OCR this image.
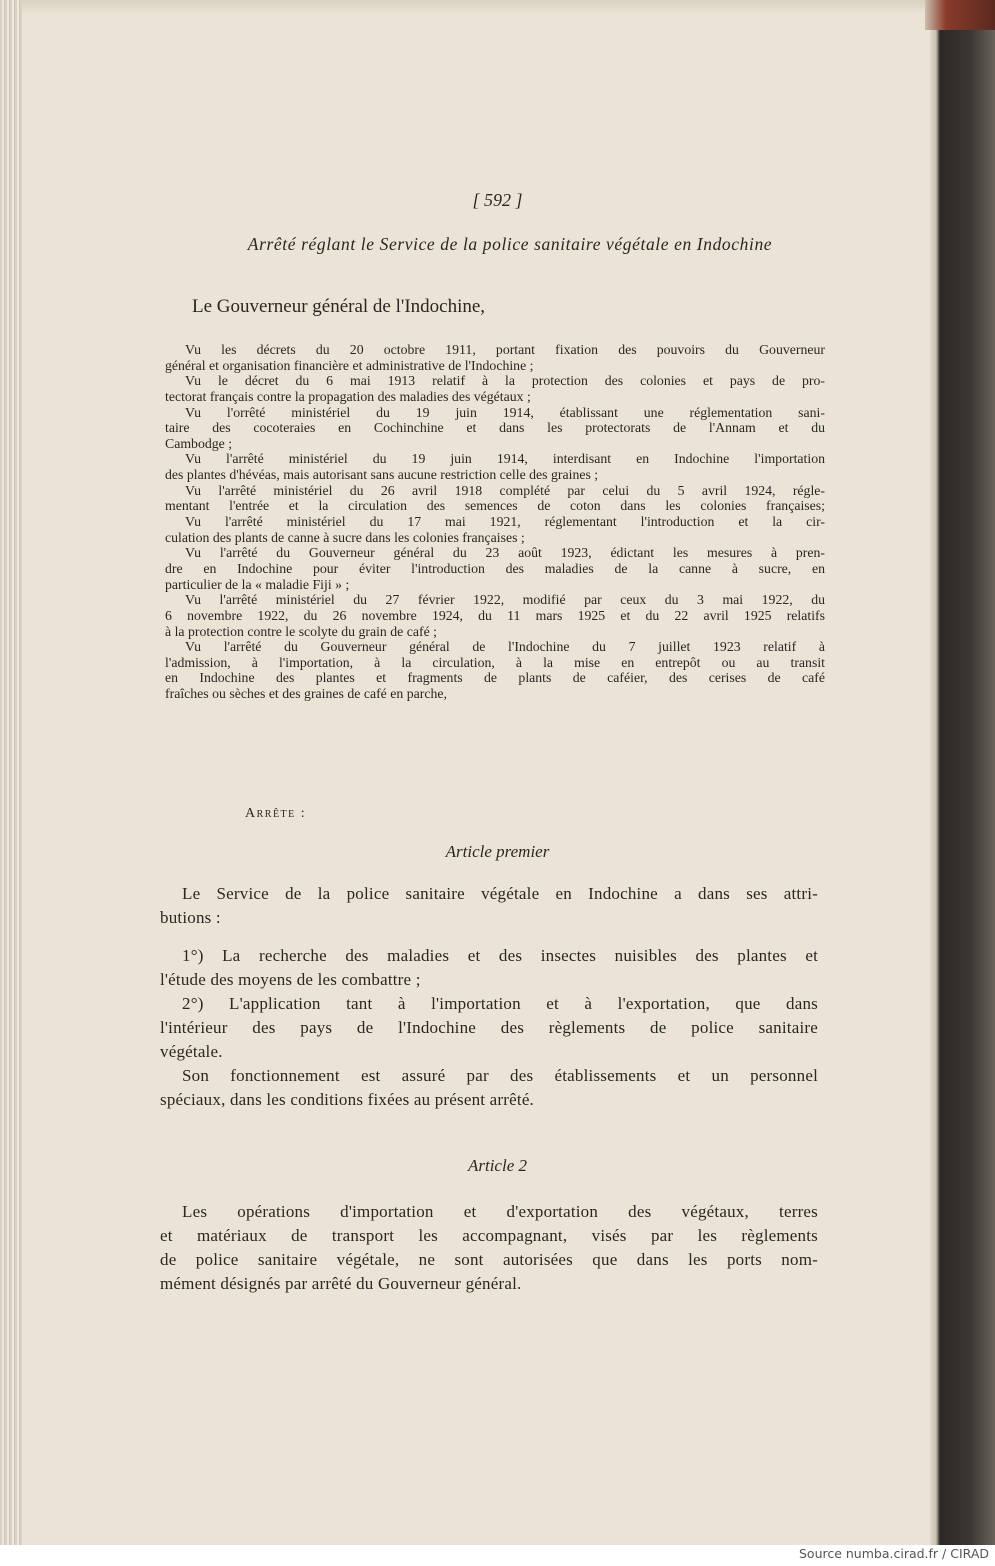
[ 592 ]
Arrêté réglant le Service de la police sanitaire végétale en Indochine
Le Gouverneur général de l'Indochine,
Vu les décrets du 20 octobre 1911, portant fixation des pouvoirs du Gouverneur
général et organisation financière et administrative de l'Indochine ;
Vu le décret du 6 mai 1913 relatif à la protection des colonies et pays de pro-
tectorat français contre la propagation des maladies des végétaux ;
Vu l'orrêté ministériel du 19 juin 1914, établissant une réglementation sani-
taire des cocoteraies en Cochinchine et dans les protectorats de l'Annam et du
Cambodge ;
Vu l'arrêté ministériel du 19 juin 1914, interdisant en Indochine l'importation
des plantes d'hévéas, mais autorisant sans aucune restriction celle des graines ;
Vu l'arrêté ministériel du 26 avril 1918 complété par celui du 5 avril 1924, régle-
mentant l'entrée et la circulation des semences de coton dans les colonies françaises;
Vu l'arrêté ministériel du 17 mai 1921, réglementant l'introduction et la cir-
culation des plants de canne à sucre dans les colonies françaises ;
Vu l'arrêté du Gouverneur général du 23 août 1923, édictant les mesures à pren-
dre en Indochine pour éviter l'introduction des maladies de la canne à sucre, en
particulier de la « maladie Fiji » ;
Vu l'arrêté ministériel du 27 février 1922, modifié par ceux du 3 mai 1922, du
6 novembre 1922, du 26 novembre 1924, du 11 mars 1925 et du 22 avril 1925 relatifs
à la protection contre le scolyte du grain de café ;
Vu l'arrêté du Gouverneur général de l'Indochine du 7 juillet 1923 relatif à
l'admission, à l'importation, à la circulation, à la mise en entrepôt ou au transit
en Indochine des plantes et fragments de plants de caféier, des cerises de café
fraîches ou sèches et des graines de café en parche,
Arrête :
Article premier
Le Service de la police sanitaire végétale en Indochine a dans ses attri-
butions :
1°) La recherche des maladies et des insectes nuisibles des plantes et
l'étude des moyens de les combattre ;
2°) L'application tant à l'importation et à l'exportation, que dans
l'intérieur des pays de l'Indochine des règlements de police sanitaire
végétale.
Son fonctionnement est assuré par des établissements et un personnel
spéciaux, dans les conditions fixées au présent arrêté.
Article 2
Les opérations d'importation et d'exportation des végétaux, terres
et matériaux de transport les accompagnant, visés par les règlements
de police sanitaire végétale, ne sont autorisées que dans les ports nom-
mément désignés par arrêté du Gouverneur général.
Source numba.cirad.fr / CIRAD
